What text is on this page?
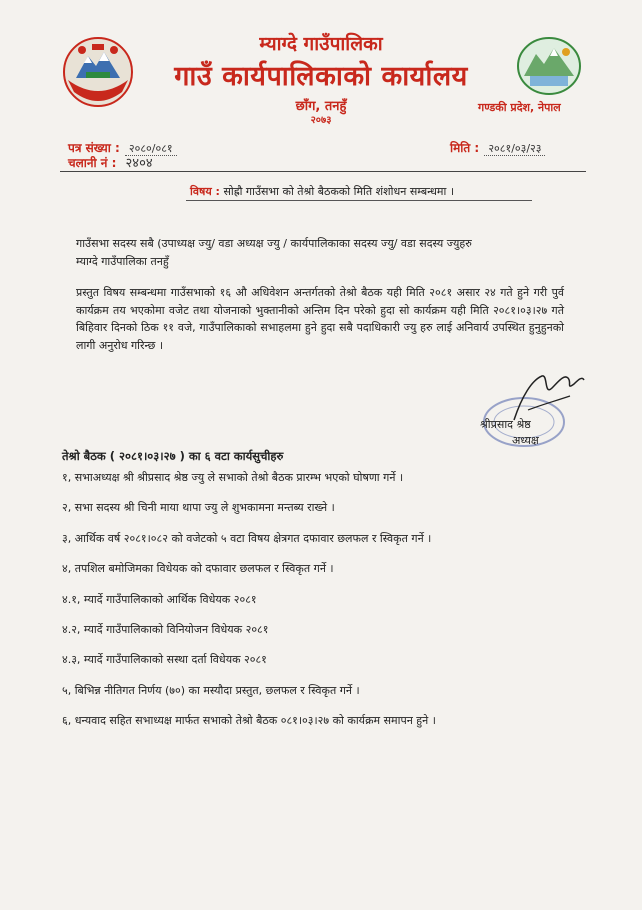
म्याग्दे गाउँपालिका
गाउँ कार्यपालिकाको कार्यालय
छाँग, तनहुँ
२०७३
गण्डकी प्रदेश, नेपाल
पत्र संख्या : २०८०/०८१
चलानी नं : २४०४
मिति : २०८१/०३/२३
विषय : सोह्रौ गाउँसभा को तेश्रो बैठकको मिति शंशोधन सम्बन्धमा ।
गाउँसभा सदस्य सबै (उपाध्यक्ष ज्यु/ वडा अध्यक्ष ज्यु / कार्यपालिकाका सदस्य ज्यु/ वडा सदस्य ज्युहरु
म्याग्दे गाउँपालिका तनहुँ
प्रस्तुत विषय सम्बन्धमा गाउँसभाको १६ औ अधिवेशन अन्तर्गतको तेश्रो बैठक यही मिति २०८१ असार २४ गते हुने गरी पुर्व कार्यक्रम तय भएकोमा वजेट तथा योजनाको भुक्तानीको अन्तिम दिन परेको हुदा सो कार्यक्रम यही मिति २०८१।०३।२७ गते बिहिवार दिनको ठिक ११ वजे, गाउँपालिकाको सभाहलमा हुने हुदा सबै पदाधिकारी ज्यु हरु लाई अनिवार्य उपस्थित हुनुहुनको लागी अनुरोध गरिन्छ ।
श्रीप्रसाद श्रेष्ठ
अध्यक्ष
तेश्रो बैठक ( २०८१।०३।२७ ) का ६ वटा कार्यसुचीहरु
१, सभाअध्यक्ष श्री श्रीप्रसाद श्रेष्ठ ज्यु ले सभाको तेश्रो बैठक प्रारम्भ भएको घोषणा गर्ने ।
२, सभा सदस्य श्री चिनी माया थापा ज्यु ले शुभकामना मन्तब्य राख्ने ।
३, आर्थिक वर्ष २०८१।०८२ को वजेटको ५ वटा विषय क्षेत्रगत दफावार छलफल र स्विकृत गर्ने ।
४, तपशिल बमोजिमका विधेयक को दफावार छलफल र स्विकृत गर्ने ।
४.१, म्यार्दे गाउँपालिकाको आर्थिक विधेयक २०८१
४.२, म्यार्दे गाउँपालिकाको विनियोजन विधेयक २०८१
४.३, म्यार्दे गाउँपालिकाको सस्था दर्ता विधेयक २०८१
५, बिभिन्न नीतिगत निर्णय (७०) का मस्यौदा प्रस्तुत, छलफल र स्विकृत गर्ने ।
६, धन्यवाद सहित सभाध्यक्ष मार्फत सभाको तेश्रो बैठक ०८१।०३।२७ को कार्यक्रम समापन हुने ।
